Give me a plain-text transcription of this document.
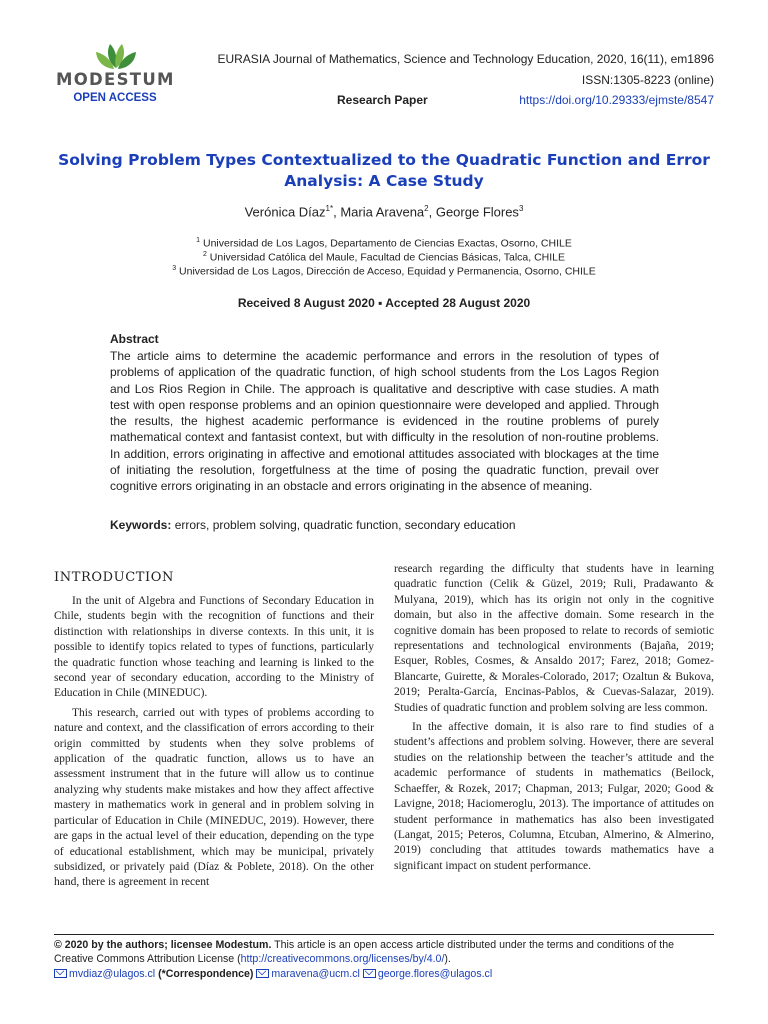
MODESTUM
OPEN ACCESS
EURASIA Journal of Mathematics, Science and Technology Education, 2020, 16(11), em1896
ISSN:1305-8223 (online)
Research Paper	https://doi.org/10.29333/ejmste/8547
Solving Problem Types Contextualized to the Quadratic Function and Error Analysis: A Case Study
Verónica Díaz$^{1*}$, Maria Aravena$^2$, George Flores$^3$
$^1$ Universidad de Los Lagos, Departamento de Ciencias Exactas, Osorno, CHILE
$^2$ Universidad Católica del Maule, Facultad de Ciencias Básicas, Talca, CHILE
$^3$ Universidad de Los Lagos, Dirección de Acceso, Equidad y Permanencia, Osorno, CHILE
Received 8 August 2020 ▪ Accepted 28 August 2020
Abstract
The article aims to determine the academic performance and errors in the resolution of types of problems of application of the quadratic function, of high school students from the Los Lagos Region and Los Rios Region in Chile. The approach is qualitative and descriptive with case studies. A math test with open response problems and an opinion questionnaire were developed and applied. Through the results, the highest academic performance is evidenced in the routine problems of purely mathematical context and fantasist context, but with difficulty in the resolution of non-routine problems. In addition, errors originating in affective and emotional attitudes associated with blockages at the time of initiating the resolution, forgetfulness at the time of posing the quadratic function, prevail over cognitive errors originating in an obstacle and errors originating in the absence of meaning.
Keywords: errors, problem solving, quadratic function, secondary education
INTRODUCTION

In the unit of Algebra and Functions of Secondary Education in Chile, students begin with the recognition of functions and their distinction with relationships in diverse contexts. In this unit, it is possible to identify topics related to types of functions, particularly the quadratic function whose teaching and learning is linked to the second year of secondary education, according to the Ministry of Education in Chile (MINEDUC).

This research, carried out with types of problems according to nature and context, and the classification of errors according to their origin committed by students when they solve problems of application of the quadratic function, allows us to have an assessment instrument that in the future will allow us to continue analyzing why students make mistakes and how they affect affective mastery in mathematics work in general and in problem solving in particular of Education in Chile (MINEDUC, 2019). However, there are gaps in the actual level of their education, depending on the type of educational establishment, which may be municipal, privately subsidized, or privately paid (Díaz & Poblete, 2018). On the other hand, there is agreement in recent

research regarding the difficulty that students have in learning quadratic function (Celik & Güzel, 2019; Ruli, Pradawanto & Mulyana, 2019), which has its origin not only in the cognitive domain, but also in the affective domain. Some research in the cognitive domain has been proposed to relate to records of semiotic representations and technological environments (Bajaña, 2019; Esquer, Robles, Cosmes, & Ansaldo 2017; Farez, 2018; Gomez-Blancarte, Guirette, & Morales-Colorado, 2017; Ozaltun & Bukova, 2019; Peralta-García, Encinas-Pablos, & Cuevas-Salazar, 2019). Studies of quadratic function and problem solving are less common.

In the affective domain, it is also rare to find studies of a student’s affections and problem solving. However, there are several studies on the relationship between the teacher’s attitude and the academic performance of students in mathematics (Beilock, Schaeffer, & Rozek, 2017; Chapman, 2013; Fulgar, 2020; Good & Lavigne, 2018; Haciomeroglu, 2013). The importance of attitudes on student performance in mathematics has also been investigated (Langat, 2015; Peteros, Columna, Etcuban, Almerino, & Almerino, 2019) concluding that attitudes towards mathematics have a significant impact on student performance.

© 2020 by the authors; licensee Modestum. This article is an open access article distributed under the terms and conditions of the Creative Commons Attribution License (http://creativecommons.org/licenses/by/4.0/).
mvdiaz@ulagos.cl (*Correspondence) maravena@ucm.cl george.flores@ulagos.cl
